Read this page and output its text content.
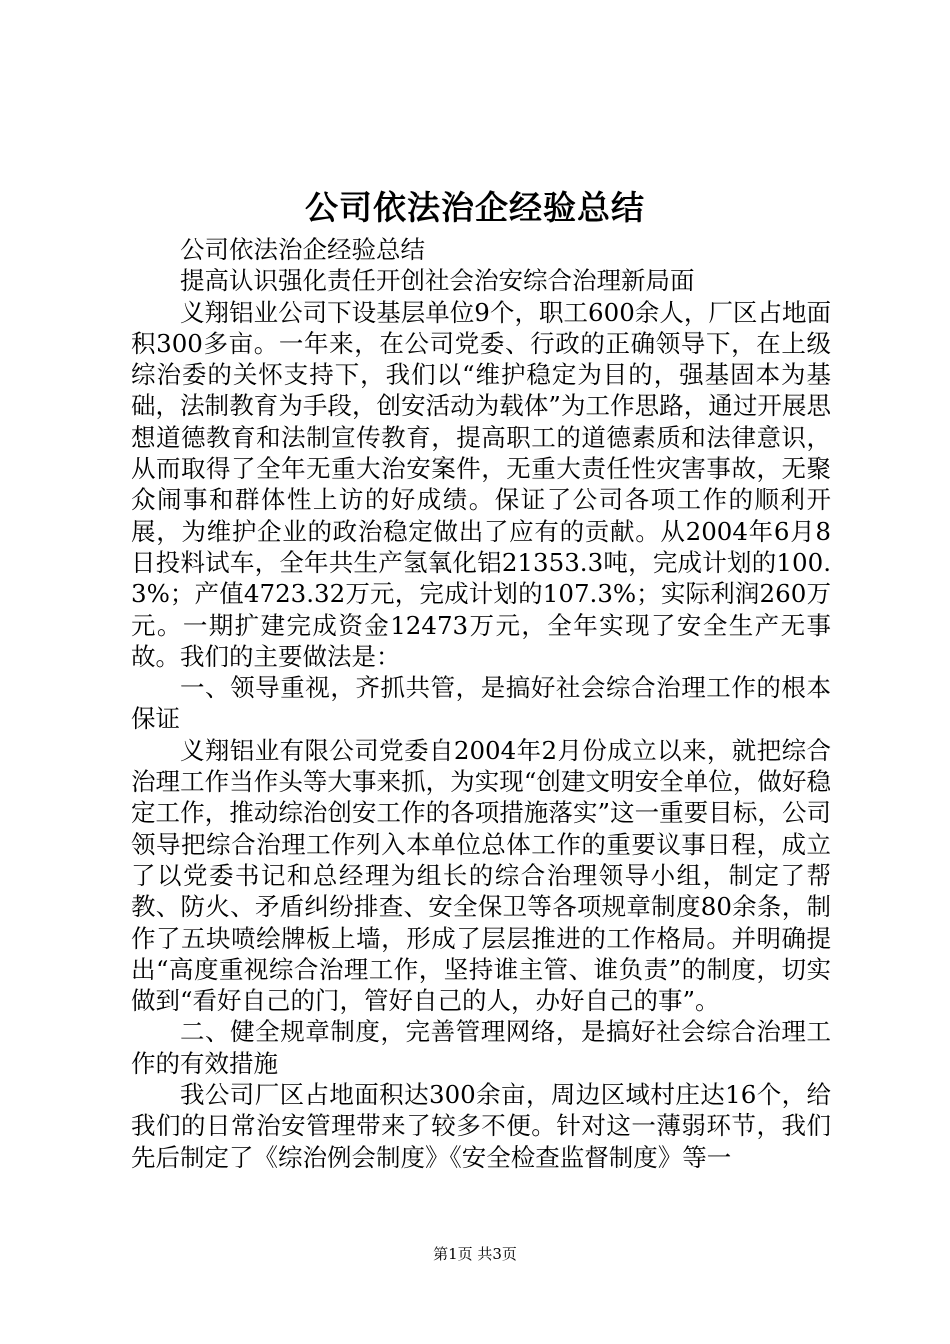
公司依法治企经验总结

公司依法治企经验总结

提高认识强化责任开创社会治安综合治理新局面

义翔铝业公司下设基层单位9个，职工600余人，厂区占地面积300多亩。一年来，在公司党委、行政的正确领导下，在上级综治委的关怀支持下，我们以“维护稳定为目的，强基固本为基础，法制教育为手段，创安活动为载体”为工作思路，通过开展思想道德教育和法制宣传教育，提高职工的道德素质和法律意识，从而取得了全年无重大治安案件，无重大责任性灾害事故，无聚众闹事和群体性上访的好成绩。保证了公司各项工作的顺利开展，为维护企业的政治稳定做出了应有的贡献。从2004年6月8日投料试车，全年共生产氢氧化铝21353.3吨，完成计划的100.3%；产值4723.32万元，完成计划的107.3%；实际利润260万元。一期扩建完成资金12473万元，全年实现了安全生产无事故。我们的主要做法是：

一、领导重视，齐抓共管，是搞好社会综合治理工作的根本保证

义翔铝业有限公司党委自2004年2月份成立以来，就把综合治理工作当作头等大事来抓，为实现“创建文明安全单位，做好稳定工作，推动综治创安工作的各项措施落实”这一重要目标，公司领导把综合治理工作列入本单位总体工作的重要议事日程，成立了以党委书记和总经理为组长的综合治理领导小组，制定了帮教、防火、矛盾纠纷排查、安全保卫等各项规章制度80余条，制作了五块喷绘牌板上墙，形成了层层推进的工作格局。并明确提出“高度重视综合治理工作，坚持谁主管、谁负责”的制度，切实做到“看好自己的门，管好自己的人，办好自己的事”。

二、健全规章制度，完善管理网络，是搞好社会综合治理工作的有效措施

我公司厂区占地面积达300余亩，周边区域村庄达16个，给我们的日常治安管理带来了较多不便。针对这一薄弱环节，我们先后制定了《综治例会制度》《安全检查监督制度》等一

第1页 共3页
